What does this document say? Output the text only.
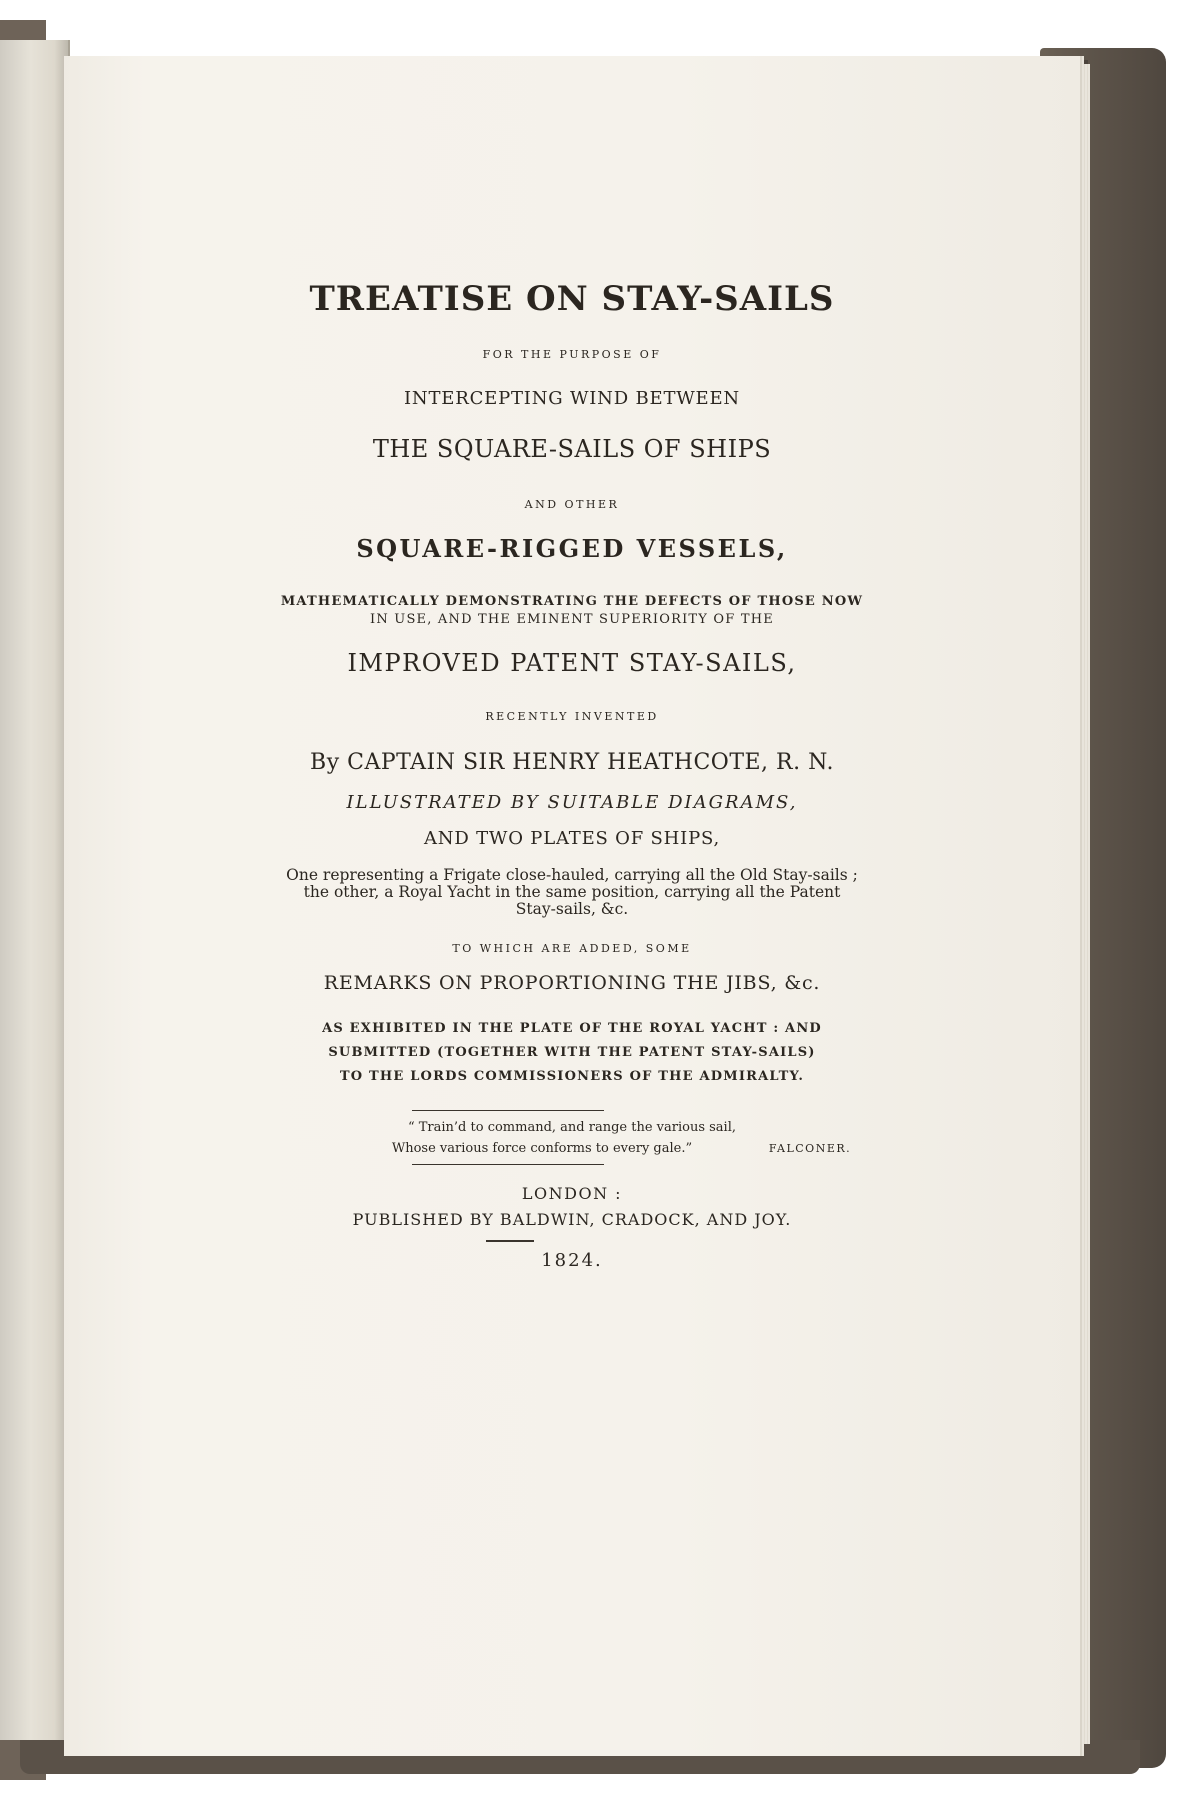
TREATISE ON STAY-SAILS
FOR THE PURPOSE OF
INTERCEPTING WIND BETWEEN
THE SQUARE-SAILS OF SHIPS
AND OTHER
SQUARE-RIGGED VESSELS,
MATHEMATICALLY DEMONSTRATING THE DEFECTS OF THOSE NOW
IN USE, AND THE EMINENT SUPERIORITY OF THE
IMPROVED PATENT STAY-SAILS,
RECENTLY INVENTED
By CAPTAIN SIR HENRY HEATHCOTE, R. N.
ILLUSTRATED BY SUITABLE DIAGRAMS,
AND TWO PLATES OF SHIPS,
One representing a Frigate close-hauled, carrying all the Old Stay-sails ;
the other, a Royal Yacht in the same position, carrying all the Patent
Stay-sails, &c.
TO WHICH ARE ADDED, SOME
REMARKS ON PROPORTIONING THE JIBS, &c.
AS EXHIBITED IN THE PLATE OF THE ROYAL YACHT : AND
SUBMITTED (TOGETHER WITH THE PATENT STAY-SAILS)
TO THE LORDS COMMISSIONERS OF THE ADMIRALTY.
“ Train’d to command, and range the various sail,
Whose various force conforms to every gale.”	FALCONER.
LONDON :
PUBLISHED BY BALDWIN, CRADOCK, AND JOY.
1824.
